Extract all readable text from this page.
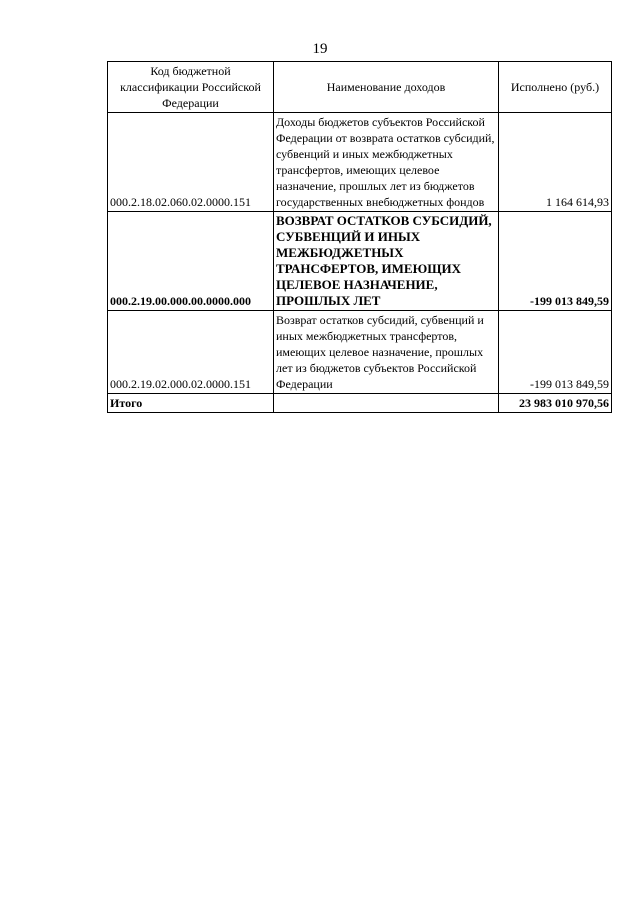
19
Код бюджетной классификации Российской Федерации	Наименование доходов	Исполнено (руб.)
000.2.18.02.060.02.0000.151	Доходы бюджетов субъектов Российской Федерации от возврата остатков субсидий, субвенций и иных межбюджетных трансфертов, имеющих целевое назначение, прошлых лет из бюджетов государственных внебюджетных фондов	1 164 614,93
000.2.19.00.000.00.0000.000	ВОЗВРАТ ОСТАТКОВ СУБСИДИЙ, СУБВЕНЦИЙ И ИНЫХ МЕЖБЮДЖЕТНЫХ ТРАНСФЕРТОВ, ИМЕЮЩИХ ЦЕЛЕВОЕ НАЗНАЧЕНИЕ, ПРОШЛЫХ ЛЕТ	-199 013 849,59
000.2.19.02.000.02.0000.151	Возврат остатков субсидий, субвенций и иных межбюджетных трансфертов, имеющих целевое назначение, прошлых лет из бюджетов субъектов Российской Федерации	-199 013 849,59
Итого		23 983 010 970,56
